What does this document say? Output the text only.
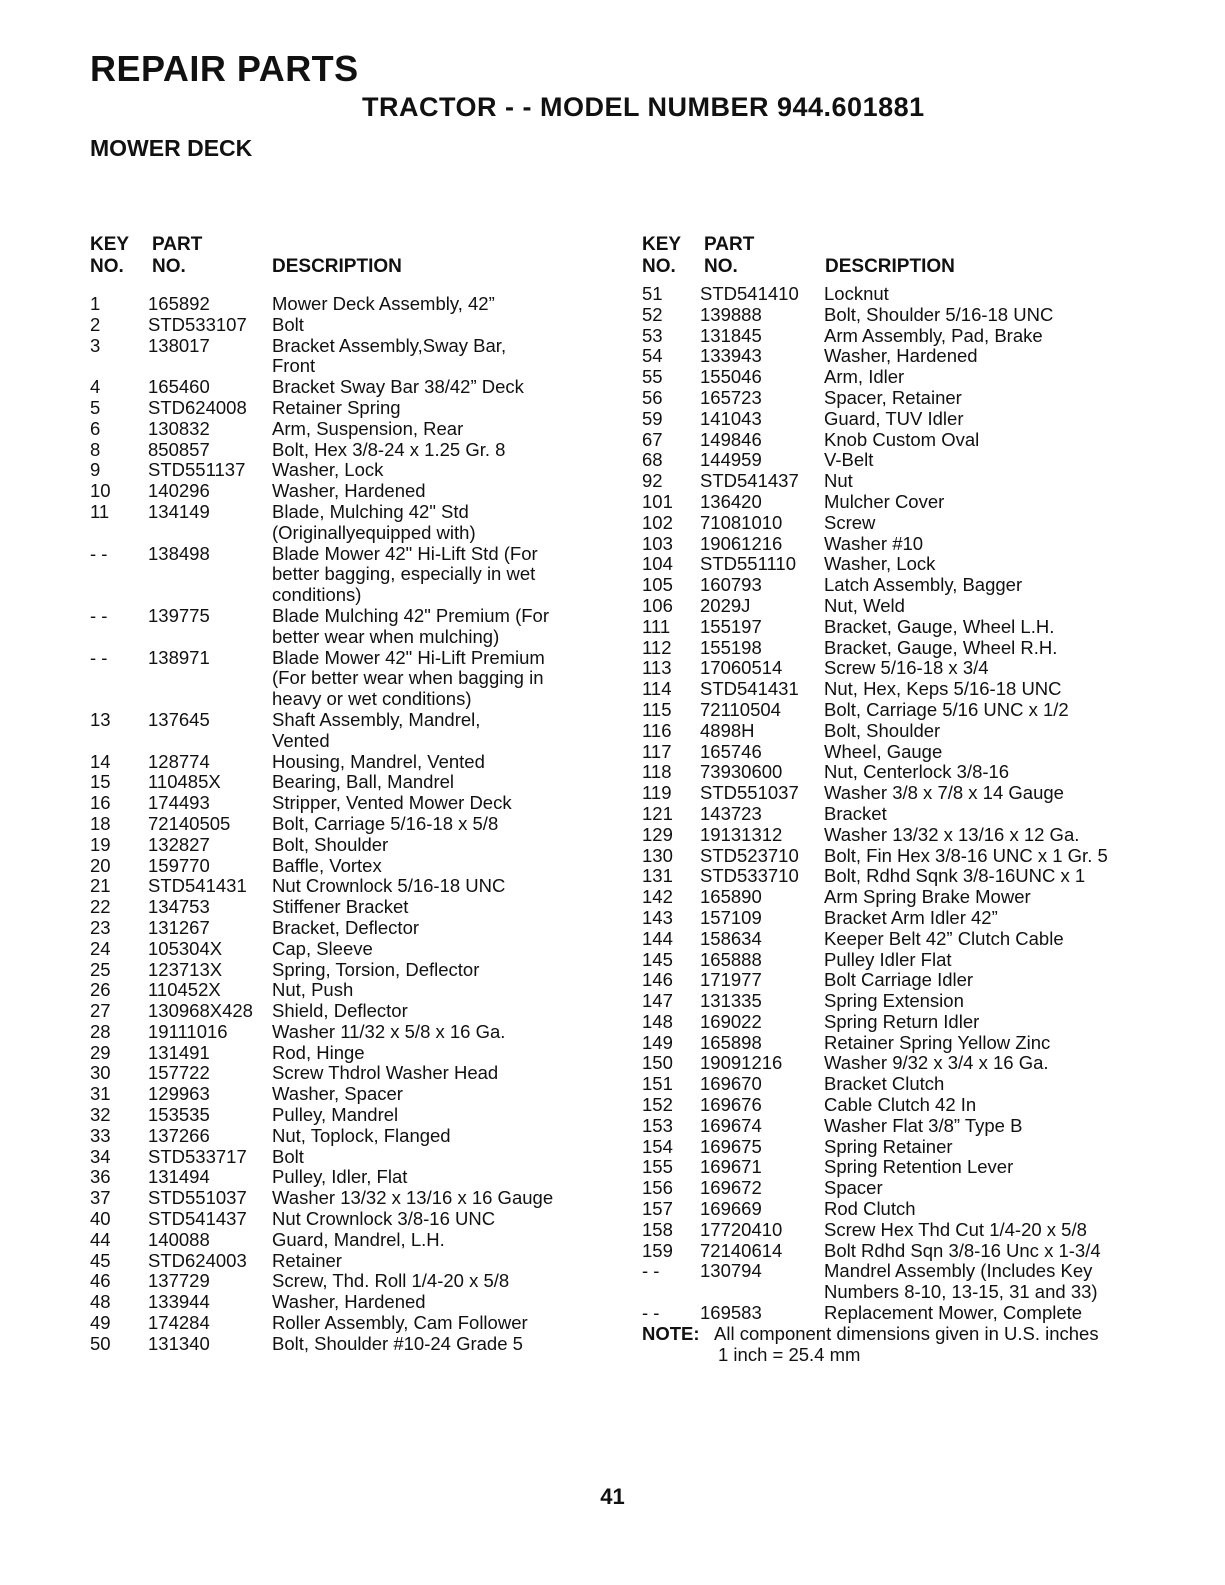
REPAIR PARTS
TRACTOR - - MODEL NUMBER 944.601881
MOWER DECK
KEY
NO.
PART
NO.	DESCRIPTION
1	165892	Mower Deck Assembly, 42”
2	STD533107	Bolt
3	138017	Bracket Assembly,Sway Bar,
Front
4	165460	Bracket Sway Bar 38/42” Deck
5	STD624008	Retainer Spring
6	130832	Arm, Suspension, Rear
8	850857	Bolt, Hex 3/8-24 x 1.25 Gr. 8
9	STD551137	Washer, Lock
10	140296	Washer, Hardened
11	134149	Blade, Mulching 42" Std
(Originallyequipped with)
- -	138498	Blade Mower 42" Hi-Lift Std (For
better bagging, especially in wet
conditions)
- -	139775	Blade Mulching 42" Premium (For
better wear when mulching)
- -	138971	Blade Mower 42" Hi-Lift Premium
(For better wear when bagging in
heavy or wet conditions)
13	137645	Shaft Assembly, Mandrel,
Vented
14	128774	Housing, Mandrel, Vented
15	110485X	Bearing, Ball, Mandrel
16	174493	Stripper, Vented Mower Deck
18	72140505	Bolt, Carriage 5/16-18 x 5/8
19	132827	Bolt, Shoulder
20	159770	Baffle, Vortex
21	STD541431	Nut Crownlock 5/16-18 UNC
22	134753	Stiffener Bracket
23	131267	Bracket, Deflector
24	105304X	Cap, Sleeve
25	123713X	Spring, Torsion, Deflector
26	110452X	Nut, Push
27	130968X428	Shield, Deflector
28	19111016	Washer 11/32 x 5/8 x 16 Ga.
29	131491	Rod, Hinge
30	157722	Screw Thdrol Washer Head
31	129963	Washer, Spacer
32	153535	Pulley, Mandrel
33	137266	Nut, Toplock, Flanged
34	STD533717	Bolt
36	131494	Pulley, Idler, Flat
37	STD551037	Washer 13/32 x 13/16 x 16 Gauge
40	STD541437	Nut Crownlock 3/8-16 UNC
44	140088	Guard, Mandrel, L.H.
45	STD624003	Retainer
46	137729	Screw, Thd. Roll 1/4-20 x 5/8
48	133944	Washer, Hardened
49	174284	Roller Assembly, Cam Follower
50	131340	Bolt, Shoulder #10-24 Grade 5
KEY
NO.
PART
NO.	DESCRIPTION
51	STD541410	Locknut
52	139888	Bolt, Shoulder 5/16-18 UNC
53	131845	Arm Assembly, Pad, Brake
54	133943	Washer, Hardened
55	155046	Arm, Idler
56	165723	Spacer, Retainer
59	141043	Guard, TUV Idler
67	149846	Knob Custom Oval
68	144959	V-Belt
92	STD541437	Nut
101	136420	Mulcher Cover
102	71081010	Screw
103	19061216	Washer #10
104	STD551110	Washer, Lock
105	160793	Latch Assembly, Bagger
106	2029J	Nut, Weld
111	155197	Bracket, Gauge, Wheel L.H.
112	155198	Bracket, Gauge, Wheel R.H.
113	17060514	Screw 5/16-18 x 3/4
114	STD541431	Nut, Hex, Keps 5/16-18 UNC
115	72110504	Bolt, Carriage 5/16 UNC x 1/2
116	4898H	Bolt, Shoulder
117	165746	Wheel, Gauge
118	73930600	Nut, Centerlock 3/8-16
119	STD551037	Washer 3/8 x 7/8 x 14 Gauge
121	143723	Bracket
129	19131312	Washer 13/32 x 13/16 x 12 Ga.
130	STD523710	Bolt, Fin Hex 3/8-16 UNC x 1 Gr. 5
131	STD533710	Bolt, Rdhd Sqnk 3/8-16UNC x 1
142	165890	Arm Spring Brake Mower
143	157109	Bracket Arm Idler 42”
144	158634	Keeper Belt 42” Clutch Cable
145	165888	Pulley Idler Flat
146	171977	Bolt Carriage Idler
147	131335	Spring Extension
148	169022	Spring Return Idler
149	165898	Retainer Spring Yellow Zinc
150	19091216	Washer 9/32 x 3/4 x 16 Ga.
151	169670	Bracket Clutch
152	169676	Cable Clutch 42 In
153	169674	Washer Flat 3/8” Type B
154	169675	Spring Retainer
155	169671	Spring Retention Lever
156	169672	Spacer
157	169669	Rod Clutch
158	17720410	Screw Hex Thd Cut 1/4-20 x 5/8
159	72140614	Bolt Rdhd Sqn 3/8-16 Unc x 1-3/4
- -	130794	Mandrel Assembly (Includes Key
Numbers 8-10, 13-15, 31 and 33)
- -	169583	Replacement Mower, Complete
NOTE: All component dimensions given in U.S. inches
1 inch = 25.4 mm
41
